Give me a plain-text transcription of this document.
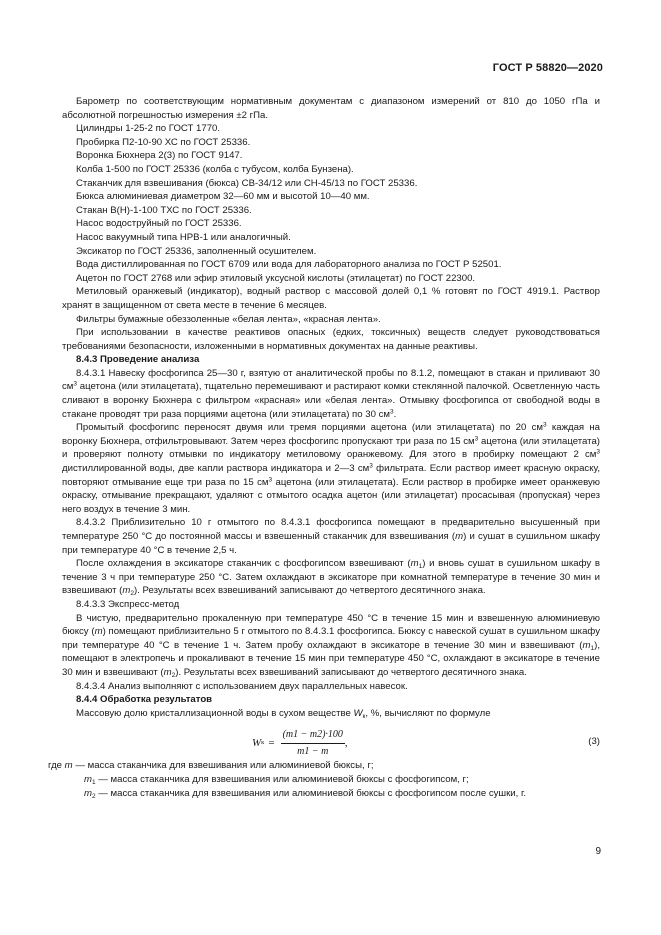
ГОСТ Р 58820—2020

Барометр по соответствующим нормативным документам с диапазоном измерений от 810 до 1050 гПа и абсолютной погрешностью измерения ±2 гПа.

Цилиндры 1-25-2 по ГОСТ 1770.

Пробирка П2-10-90 ХС по ГОСТ 25336.

Воронка Бюхнера 2(3) по ГОСТ 9147.

Колба 1-500 по ГОСТ 25336 (колба с тубусом, колба Бунзена).

Стаканчик для взвешивания (бюкса) СВ-34/12 или СН-45/13 по ГОСТ 25336.

Бюкса алюминиевая диаметром 32—60 мм и высотой 10—40 мм.

Стакан В(Н)-1-100 ТХС по ГОСТ 25336.

Насос водоструйный по ГОСТ 25336.

Насос вакуумный типа НРВ-1 или аналогичный.

Эксикатор по ГОСТ 25336, заполненный осушителем.

Вода дистиллированная по ГОСТ 6709 или вода для лабораторного анализа по ГОСТ Р 52501.

Ацетон по ГОСТ 2768 или эфир этиловый уксусной кислоты (этилацетат) по ГОСТ 22300.

Метиловый оранжевый (индикатор), водный раствор с массовой долей 0,1 % готовят по ГОСТ 4919.1. Раствор хранят в защищенном от света месте в течение 6 месяцев.

Фильтры бумажные обеззоленные «белая лента», «красная лента».

При использовании в качестве реактивов опасных (едких, токсичных) веществ следует руководствоваться требованиями безопасности, изложенными в нормативных документах на данные реактивы.

8.4.3 Проведение анализа

8.4.3.1 Навеску фосфогипса 25—30 г, взятую от аналитической пробы по 8.1.2, помещают в стакан и приливают 30 $см^3$ ацетона (или этилацетата), тщательно перемешивают и растирают комки стеклянной палочкой. Осветленную часть сливают в воронку Бюхнера с фильтром «красная» или «белая лента». Отмывку фосфогипса от свободной воды в стакане проводят три раза порциями ацетона (или этилацетата) по 30 $см^3$.

Промытый фосфогипс переносят двумя или тремя порциями ацетона (или этилацетата) по 20 $см^3$ каждая на воронку Бюхнера, отфильтровывают. Затем через фосфогипс пропускают три раза по 15 $см^3$ ацетона (или этилацетата) и проверяют полноту отмывки по индикатору метиловому оранжевому. Для этого в пробирку помещают 2 $см^3$ дистиллированной воды, две капли раствора индикатора и 2—3 $см^3$ фильтрата. Если раствор имеет красную окраску, повторяют отмывание еще три раза по 15 $см^3$ ацетона (или этилацетата). Если раствор в пробирке имеет оранжевую окраску, отмывание прекращают, удаляют с отмытого осадка ацетон (или этилацетат) просасывая (пропуская) через него воздух в течение 3 мин.

8.4.3.2 Приблизительно 10 г отмытого по 8.4.3.1 фосфогипса помещают в предварительно высушенный при температуре 250 °С до постоянной массы и взвешенный стаканчик для взвешивания (m) и сушат в сушильном шкафу при температуре 40 °С в течение 2,5 ч.

После охлаждения в эксикаторе стаканчик с фосфогипсом взвешивают $(m_1)$ и вновь сушат в сушильном шкафу в течение 3 ч при температуре 250 °С. Затем охлаждают в эксикаторе при комнатной температуре в течение 30 мин и взвешивают $(m_2)$. Результаты всех взвешиваний записывают до четвертого десятичного знака.

8.4.3.3 Экспресс-метод

В чистую, предварительно прокаленную при температуре 450 °С в течение 15 мин и взвешенную алюминиевую бюксу (m) помещают приблизительно 5 г отмытого по 8.4.3.1 фосфогипса. Бюксу с навеской сушат в сушильном шкафу при температуре 40 °С в течение 1 ч. Затем пробу охлаждают в эксикаторе в течение 30 мин и взвешивают $(m_1)$, помещают в электропечь и прокаливают в течение 15 мин при температуре 450 °С, охлаждают в эксикаторе в течение 30 мин и взвешивают $(m_2)$. Результаты всех взвешиваний записывают до четвертого десятичного знака.

8.4.3.4 Анализ выполняют с использованием двух параллельных навесок.

8.4.4 Обработка результатов

Массовую долю кристаллизационной воды в сухом веществе $W_к$, %, вычисляют по формуле

W $к = \frac{(m1 - m2)\cdot 100}{m1 - m}$ ,	(3)

где m — масса стаканчика для взвешивания или алюминиевой бюксы, г;

$m_1$ — масса стаканчика для взвешивания или алюминиевой бюксы с фосфогипсом, г;

$m_2$ — масса стаканчика для взвешивания или алюминиевой бюксы с фосфогипсом после сушки, г.

9
